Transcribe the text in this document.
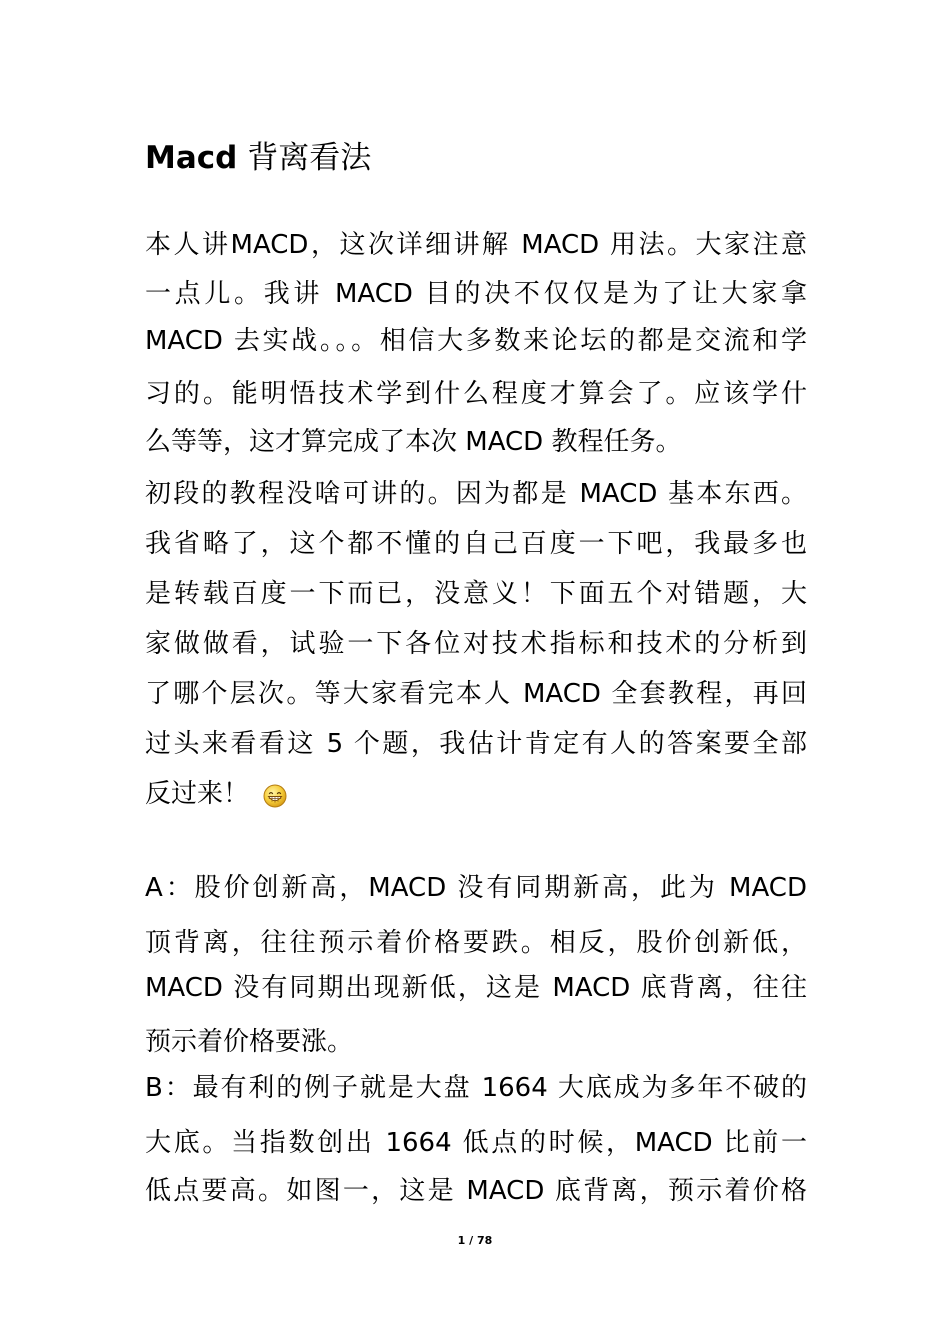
Macd 背离看法
本人讲MACD，这次详细讲解 MACD 用法。大家注意
一点儿。我讲 MACD 目的决不仅仅是为了让大家拿
MACD 去实战。。。相信大多数来论坛的都是交流和学
习的。能明悟技术学到什么程度才算会了。应该学什
么等等，这才算完成了本次 MACD 教程任务。
初段的教程没啥可讲的。因为都是 MACD 基本东西。
我省略了，这个都不懂的自己百度一下吧，我最多也
是转载百度一下而已，没意义！下面五个对错题，大
家做做看，试验一下各位对技术指标和技术的分析到
了哪个层次。等大家看完本人 MACD 全套教程，再回
过头来看看这 5 个题，我估计肯定有人的答案要全部
反过来！
A：股价创新高，MACD 没有同期新高，此为 MACD
顶背离，往往预示着价格要跌。相反，股价创新低，
MACD 没有同期出现新低，这是 MACD 底背离，往往
预示着价格要涨。
B：最有利的例子就是大盘 1664 大底成为多年不破的
大底。当指数创出 1664 低点的时候，MACD 比前一
低点要高。如图一，这是 MACD 底背离，预示着价格
1 / 78
